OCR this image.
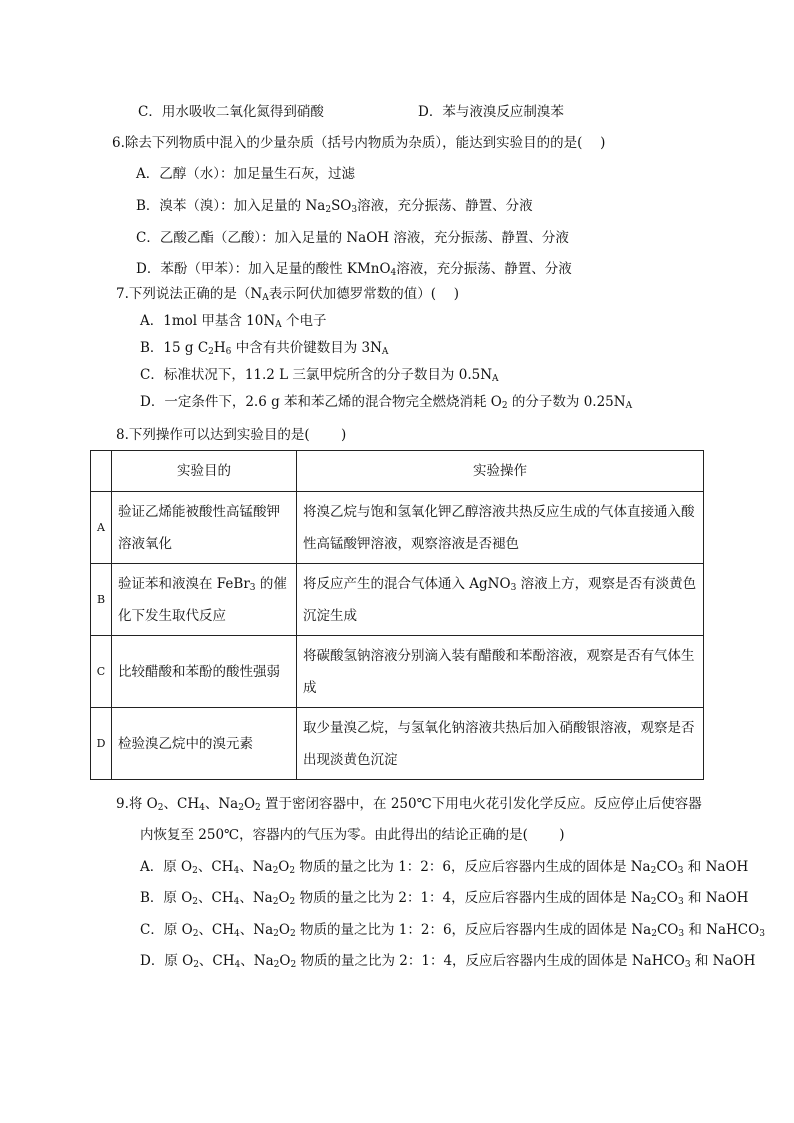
C．用水吸收二氧化氮得到硝酸	D．苯与液溴反应制溴苯
6.除去下列物质中混入的少量杂质（括号内物质为杂质），能达到实验目的的是(　 )
A．乙醇（水）：加足量生石灰，过滤
B．溴苯（溴）：加入足量的 $Na_2SO_3$溶液，充分振荡、静置、分液
C．乙酸乙酯（乙酸）：加入足量的 NaOH 溶液，充分振荡、静置、分液
D．苯酚（甲苯）：加入足量的酸性 KMnO$_4$溶液，充分振荡、静置、分液
7.下列说法正确的是（$N_A$表示阿伏加德罗常数的值）(　 )
A．1mol 甲基含 $10N_A$ 个电子
B．15 g $C_2H_6$ 中含有共价键数目为 $3N_A$
C．标准状况下，11.2 L 三氯甲烷所含的分子数目为 $0.5N_A$
D．一定条件下，2.6 g 苯和苯乙烯的混合物完全燃烧消耗 $O_2$ 的分子数为 $0.25N_A$
8.下列操作可以达到实验目的是(　 　)
	实验目的	实验操作
A	验证乙烯能被酸性高锰酸钾溶液氧化	将溴乙烷与饱和氢氧化钾乙醇溶液共热反应生成的气体直接通入酸性高锰酸钾溶液，观察溶液是否褪色
B	验证苯和液溴在 FeBr$_3$ 的催化下发生取代反应	将反应产生的混合气体通入 AgNO$_3$ 溶液上方，观察是否有淡黄色沉淀生成
C	比较醋酸和苯酚的酸性强弱	将碳酸氢钠溶液分别滴入装有醋酸和苯酚溶液，观察是否有气体生成
D	检验溴乙烷中的溴元素	取少量溴乙烷，与氢氧化钠溶液共热后加入硝酸银溶液，观察是否出现淡黄色沉淀
9.将 $O_2$、$CH_4$、$Na_2O_2$ 置于密闭容器中，在 250℃下用电火花引发化学反应。反应停止后使容器
内恢复至 250℃，容器内的气压为零。由此得出的结论正确的是(　 　)
A．原 $O_2$、$CH_4$、$Na_2O_2$ 物质的量之比为 1：2：6，反应后容器内生成的固体是 $Na_2CO_3$ 和 NaOH
B．原 $O_2$、$CH_4$、$Na_2O_2$ 物质的量之比为 2：1：4，反应后容器内生成的固体是 $Na_2CO_3$ 和 NaOH
C．原 $O_2$、$CH_4$、$Na_2O_2$ 物质的量之比为 1：2：6，反应后容器内生成的固体是 $Na_2CO_3$ 和 NaHCO$_3$
D．原 $O_2$、$CH_4$、$Na_2O_2$ 物质的量之比为 2：1：4，反应后容器内生成的固体是 NaHCO$_3$ 和 NaOH
